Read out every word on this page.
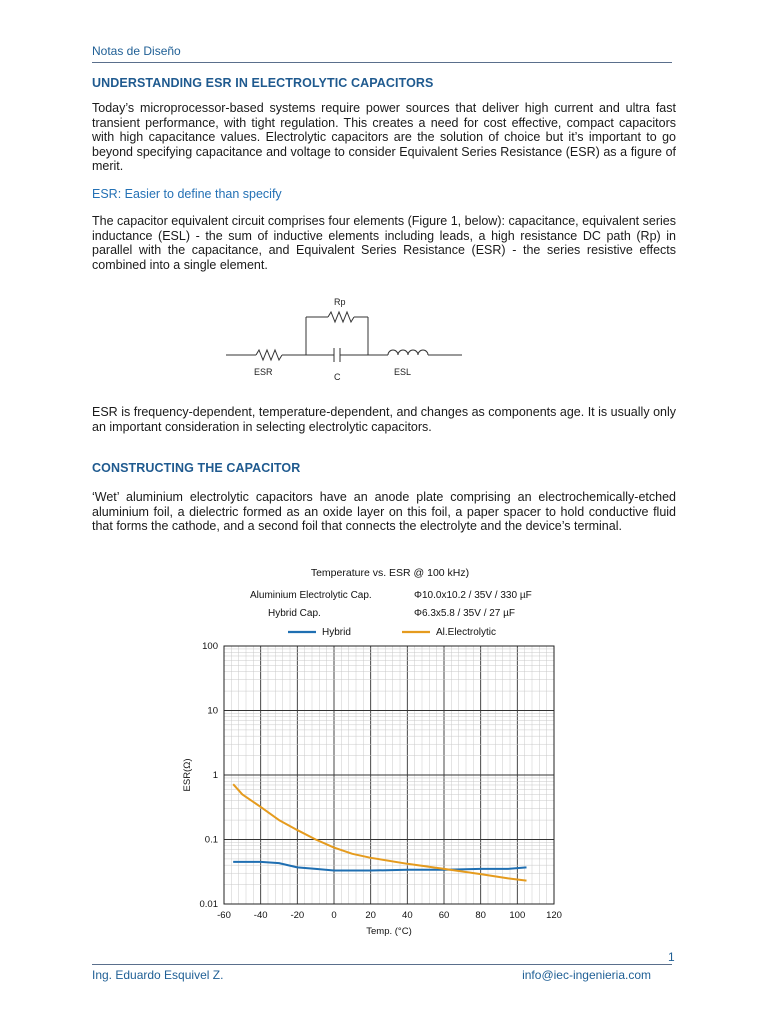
Notas de Diseño
UNDERSTANDING ESR IN ELECTROLYTIC CAPACITORS
Today’s microprocessor-based systems require power sources that deliver high current and ultra fast transient performance, with tight regulation. This creates a need for cost effective, compact capacitors with high capacitance values. Electrolytic capacitors are the solution of choice but it’s important to go beyond specifying capacitance and voltage to consider Equivalent Series Resistance (ESR) as a figure of merit.
ESR: Easier to define than specify
The capacitor equivalent circuit comprises four elements (Figure 1, below): capacitance, equivalent series inductance (ESL) - the sum of inductive elements including leads, a high resistance DC path (Rp) in parallel with the capacitance, and Equivalent Series Resistance (ESR) - the series resistive effects combined into a single element.
Rp
ESR	C	ESL
ESR is frequency-dependent, temperature-dependent, and changes as components age. It is usually only an important consideration in selecting electrolytic capacitors.
CONSTRUCTING THE CAPACITOR
‘Wet’ aluminium electrolytic capacitors have an anode plate comprising an electrochemically-etched aluminium foil, a dielectric formed as an oxide layer on this foil, a paper spacer to hold conductive fluid that forms the cathode, and a second foil that connects the electrolyte and the device’s terminal.
Temperature vs. ESR @ 100 kHz)
Aluminium Electrolytic Cap.	Φ10.0x10.2 / 35V / 330 µF
Hybrid Cap.	Φ6.3x5.8 / 35V / 27 µF
Hybrid	Al.Electrolytic
-60 -40 -20	0	20	40	60	80 100 120
100
10
1
0.1
0.01
ESR(Ω)
Temp. (°C)
1
Ing. Eduardo Esquivel Z.	info@iec-ingenieria.com
